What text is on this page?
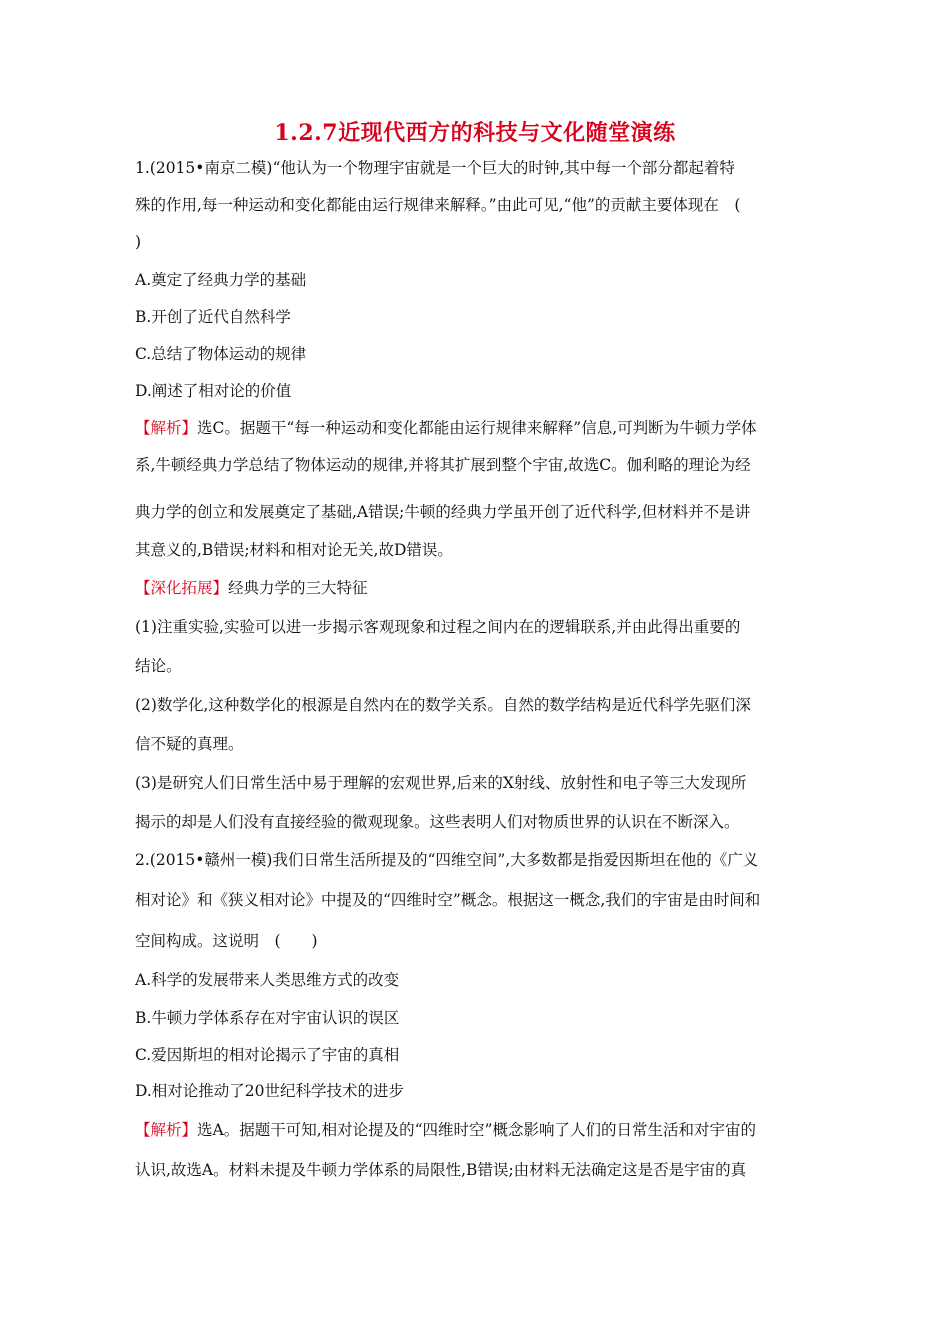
1.2.7近现代西方的科技与文化随堂演练
1.(2015•南京二模)“他认为一个物理宇宙就是一个巨大的时钟,其中每一个部分都起着特
殊的作用,每一种运动和变化都能由运行规律来解释。”由此可见,“他”的贡献主要体现在　(
)
A.奠定了经典力学的基础
B.开创了近代自然科学
C.总结了物体运动的规律
D.阐述了相对论的价值
【解析】选C。据题干“每一种运动和变化都能由运行规律来解释”信息,可判断为牛顿力学体
系,牛顿经典力学总结了物体运动的规律,并将其扩展到整个宇宙,故选C。伽利略的理论为经
典力学的创立和发展奠定了基础,A错误;牛顿的经典力学虽开创了近代科学,但材料并不是讲
其意义的,B错误;材料和相对论无关,故D错误。
【深化拓展】经典力学的三大特征
(1)注重实验,实验可以进一步揭示客观现象和过程之间内在的逻辑联系,并由此得出重要的
结论。
(2)数学化,这种数学化的根源是自然内在的数学关系。自然的数学结构是近代科学先驱们深
信不疑的真理。
(3)是研究人们日常生活中易于理解的宏观世界,后来的X射线、放射性和电子等三大发现所
揭示的却是人们没有直接经验的微观现象。这些表明人们对物质世界的认识在不断深入。
2.(2015•赣州一模)我们日常生活所提及的“四维空间”,大多数都是指爱因斯坦在他的《广义
相对论》和《狭义相对论》中提及的“四维时空”概念。根据这一概念,我们的宇宙是由时间和
空间构成。这说明　(　　)
A.科学的发展带来人类思维方式的改变
B.牛顿力学体系存在对宇宙认识的误区
C.爱因斯坦的相对论揭示了宇宙的真相
D.相对论推动了20世纪科学技术的进步
【解析】选A。据题干可知,相对论提及的“四维时空”概念影响了人们的日常生活和对宇宙的
认识,故选A。材料未提及牛顿力学体系的局限性,B错误;由材料无法确定这是否是宇宙的真
